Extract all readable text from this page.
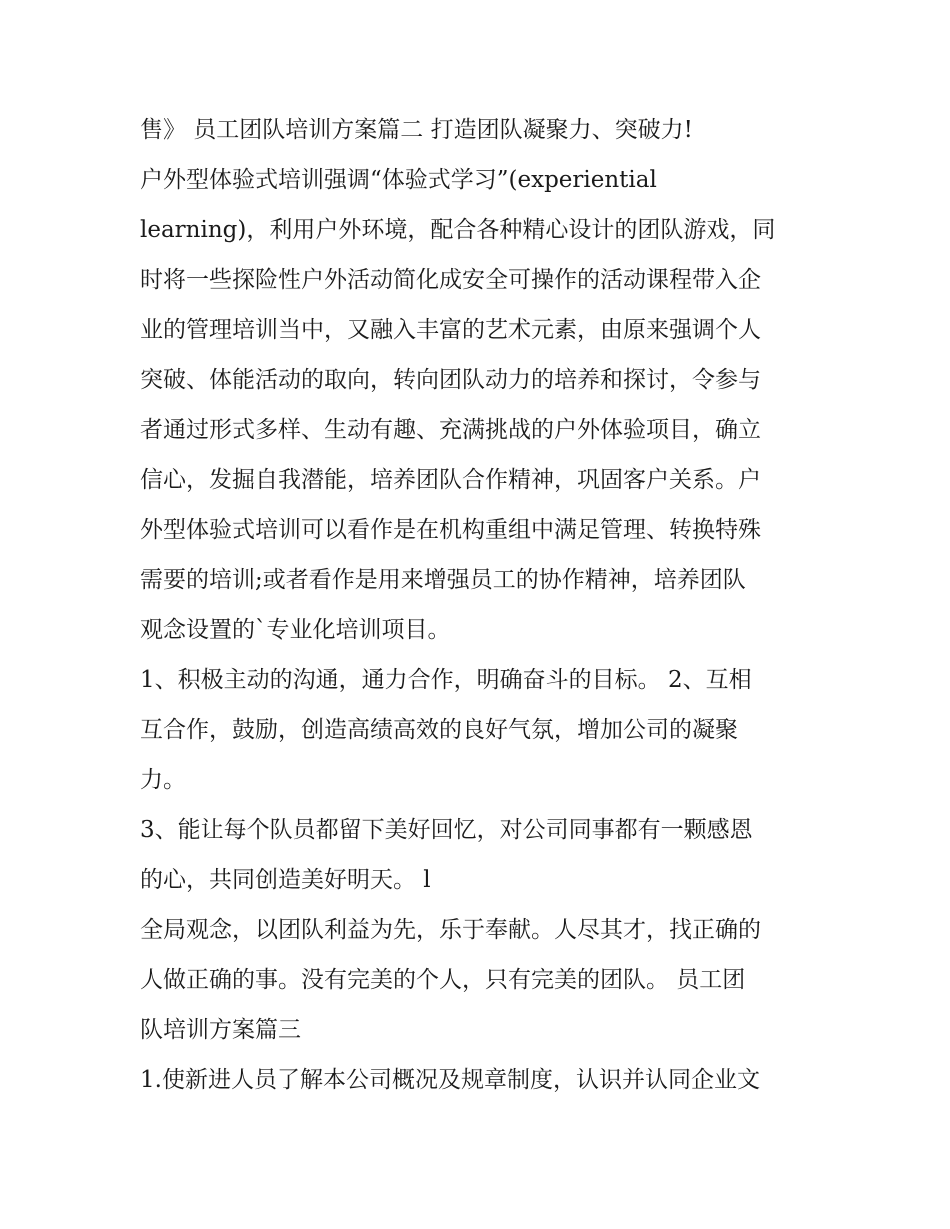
售》 员工团队培训方案篇二 打造团队凝聚力、突破力!
户外型体验式培训强调“体验式学习”(experiential
learning)，利用户外环境，配合各种精心设计的团队游戏，同
时将一些探险性户外活动简化成安全可操作的活动课程带入企
业的管理培训当中，又融入丰富的艺术元素，由原来强调个人
突破、体能活动的取向，转向团队动力的培养和探讨，令参与
者通过形式多样、生动有趣、充满挑战的户外体验项目，确立
信心，发掘自我潜能，培养团队合作精神，巩固客户关系。户
外型体验式培训可以看作是在机构重组中满足管理、转换特殊
需要的培训;或者看作是用来增强员工的协作精神，培养团队
观念设置的`专业化培训项目。
1、积极主动的沟通，通力合作，明确奋斗的目标。 2、互相
互合作，鼓励，创造高绩高效的良好气氛，增加公司的凝聚
力。
3、能让每个队员都留下美好回忆，对公司同事都有一颗感恩
的心，共同创造美好明天。 l
全局观念，以团队利益为先，乐于奉献。人尽其才，找正确的
人做正确的事。没有完美的个人，只有完美的团队。 员工团
队培训方案篇三
1.使新进人员了解本公司概况及规章制度，认识并认同企业文
